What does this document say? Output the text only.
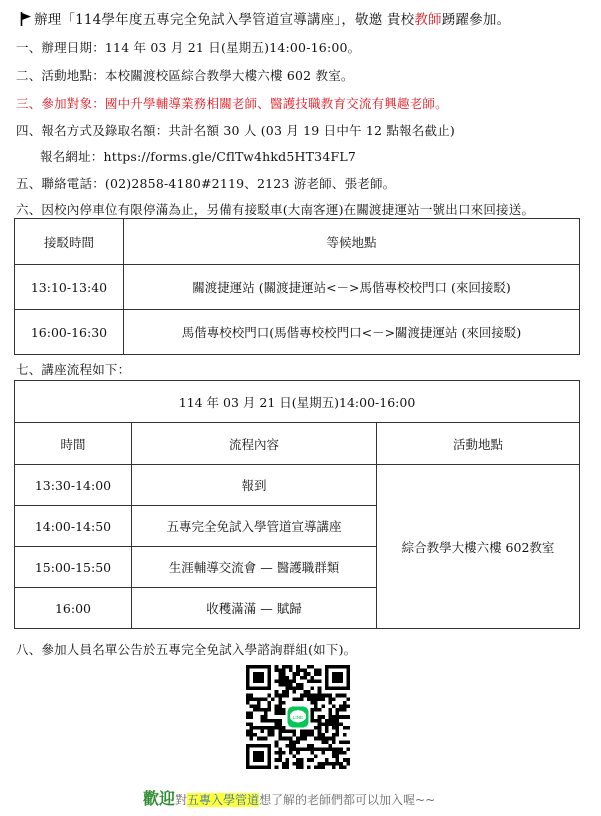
辦理「114學年度五專完全免試入學管道宣導講座」，敬邀 貴校教師踴躍參加。
一、辦理日期：114 年 03 月 21 日(星期五)14:00-16:00。
二、活動地點：本校關渡校區綜合教學大樓六樓 602 教室。
三、參加對象：國中升學輔導業務相關老師、醫護技職教育交流有興趣老師。
四、報名方式及錄取名額：共計名額 30 人 (03 月 19 日中午 12 點報名截止)
報名網址：https://forms.gle/CflTw4hkd5HT34FL7
五、聯絡電話：(02)2858-4180#2119、2123 游老師、張老師。
六、因校內停車位有限停滿為止，另備有接駁車(大南客運)在關渡捷運站一號出口來回接送。
接駁時間	等候地點
13:10-13:40	關渡捷運站 (關渡捷運站<－>馬偕專校校門口 (來回接駁)
16:00-16:30	馬偕專校校門口(馬偕專校校門口<－>關渡捷運站 (來回接駁)
七、講座流程如下：
114 年 03 月 21 日(星期五)14:00-16:00		
時間	流程內容	活動地點
13:30-14:00	報到	綜合教學大樓六樓 602教室
14:00-14:50	五專完全免試入學管道宣導講座	
15:00-15:50	生涯輔導交流會 — 醫護職群類	
16:00	收穫滿滿 — 賦歸	
八、參加人員名單公告於五專完全免試入學諮詢群組(如下)。
LINE
歡迎對五專入學管道想了解的老師們都可以加入喔~~
